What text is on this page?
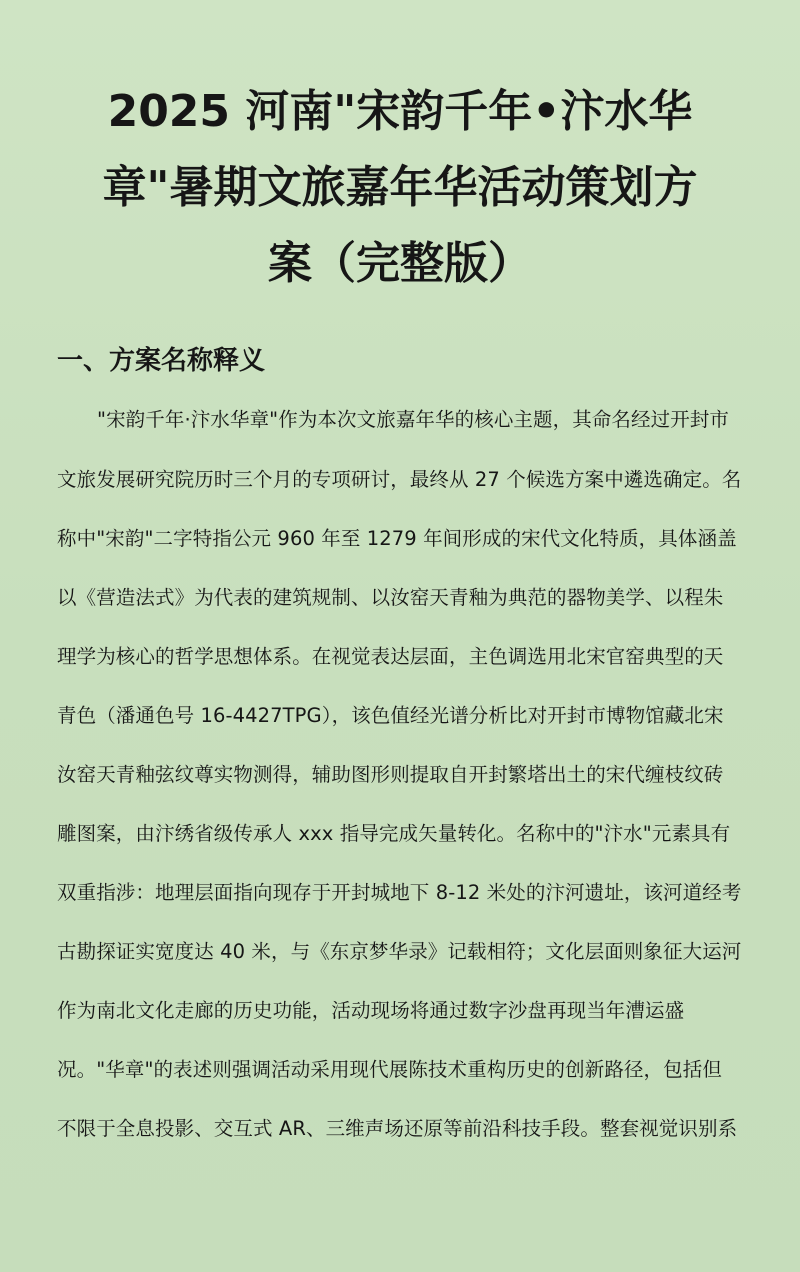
2025 河南"宋韵千年•汴水华
章"暑期文旅嘉年华活动策划方
案（完整版）
一、方案名称释义
"宋韵千年·汴水华章"作为本次文旅嘉年华的核心主题，其命名经过开封市
文旅发展研究院历时三个月的专项研讨，最终从 27 个候选方案中遴选确定。名
称中"宋韵"二字特指公元 960 年至 1279 年间形成的宋代文化特质，具体涵盖
以《营造法式》为代表的建筑规制、以汝窑天青釉为典范的器物美学、以程朱
理学为核心的哲学思想体系。在视觉表达层面，主色调选用北宋官窑典型的天
青色（潘通色号 16-4427TPG），该色值经光谱分析比对开封市博物馆藏北宋
汝窑天青釉弦纹尊实物测得，辅助图形则提取自开封繁塔出土的宋代缠枝纹砖
雕图案，由汴绣省级传承人 xxx 指导完成矢量转化。名称中的"汴水"元素具有
双重指涉：地理层面指向现存于开封城地下 8-12 米处的汴河遗址，该河道经考
古勘探证实宽度达 40 米，与《东京梦华录》记载相符；文化层面则象征大运河
作为南北文化走廊的历史功能，活动现场将通过数字沙盘再现当年漕运盛
况。"华章"的表述则强调活动采用现代展陈技术重构历史的创新路径，包括但
不限于全息投影、交互式 AR、三维声场还原等前沿科技手段。整套视觉识别系
